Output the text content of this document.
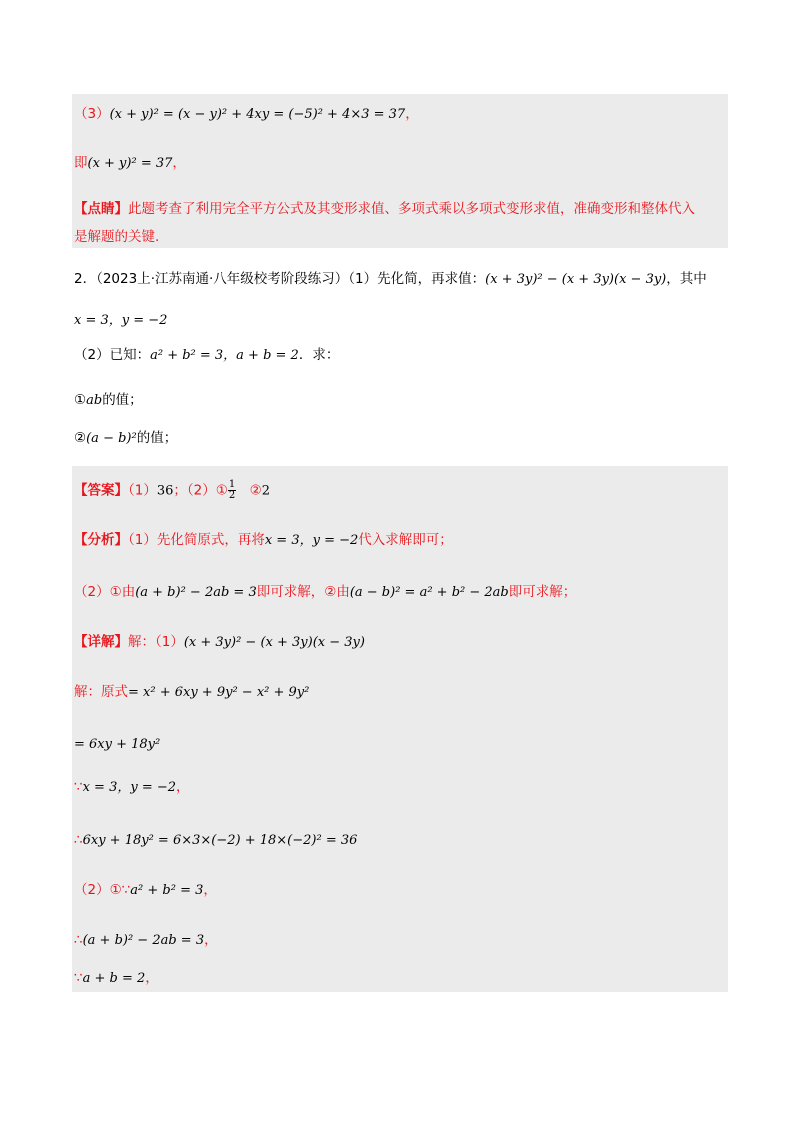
（3）(x + y)² = (x − y)² + 4xy = (−5)² + 4×3 = 37，
即(x + y)² = 37，
【点睛】此题考查了利用完全平方公式及其变形求值、多项式乘以多项式变形求值，准确变形和整体代入
是解题的关键.
2．（2023上·江苏南通·八年级校考阶段练习）（1）先化简，再求值：(x + 3y)² − (x + 3y)(x − 3y)，其中
x = 3，y = −2
（2）已知：a² + b² = 3，a + b = 2．求：
①ab的值；
②(a − b)²的值；
【答案】（1）36；（2）① $\frac{1}{2}$ ②2
【分析】（1）先化简原式，再将x = 3，y = −2代入求解即可；
（2）①由(a + b)² − 2ab = 3即可求解，②由(a − b)² = a² + b² − 2ab即可求解；
【详解】解：（1）(x + 3y)² − (x + 3y)(x − 3y)
解：原式= x² + 6xy + 9y² − x² + 9y²
= 6xy + 18y²
∵x = 3，y = −2，
∴6xy + 18y² = 6×3×(−2) + 18×(−2)² = 36
（2）①∵a² + b² = 3，
∴(a + b)² − 2ab = 3，
∵a + b = 2，
